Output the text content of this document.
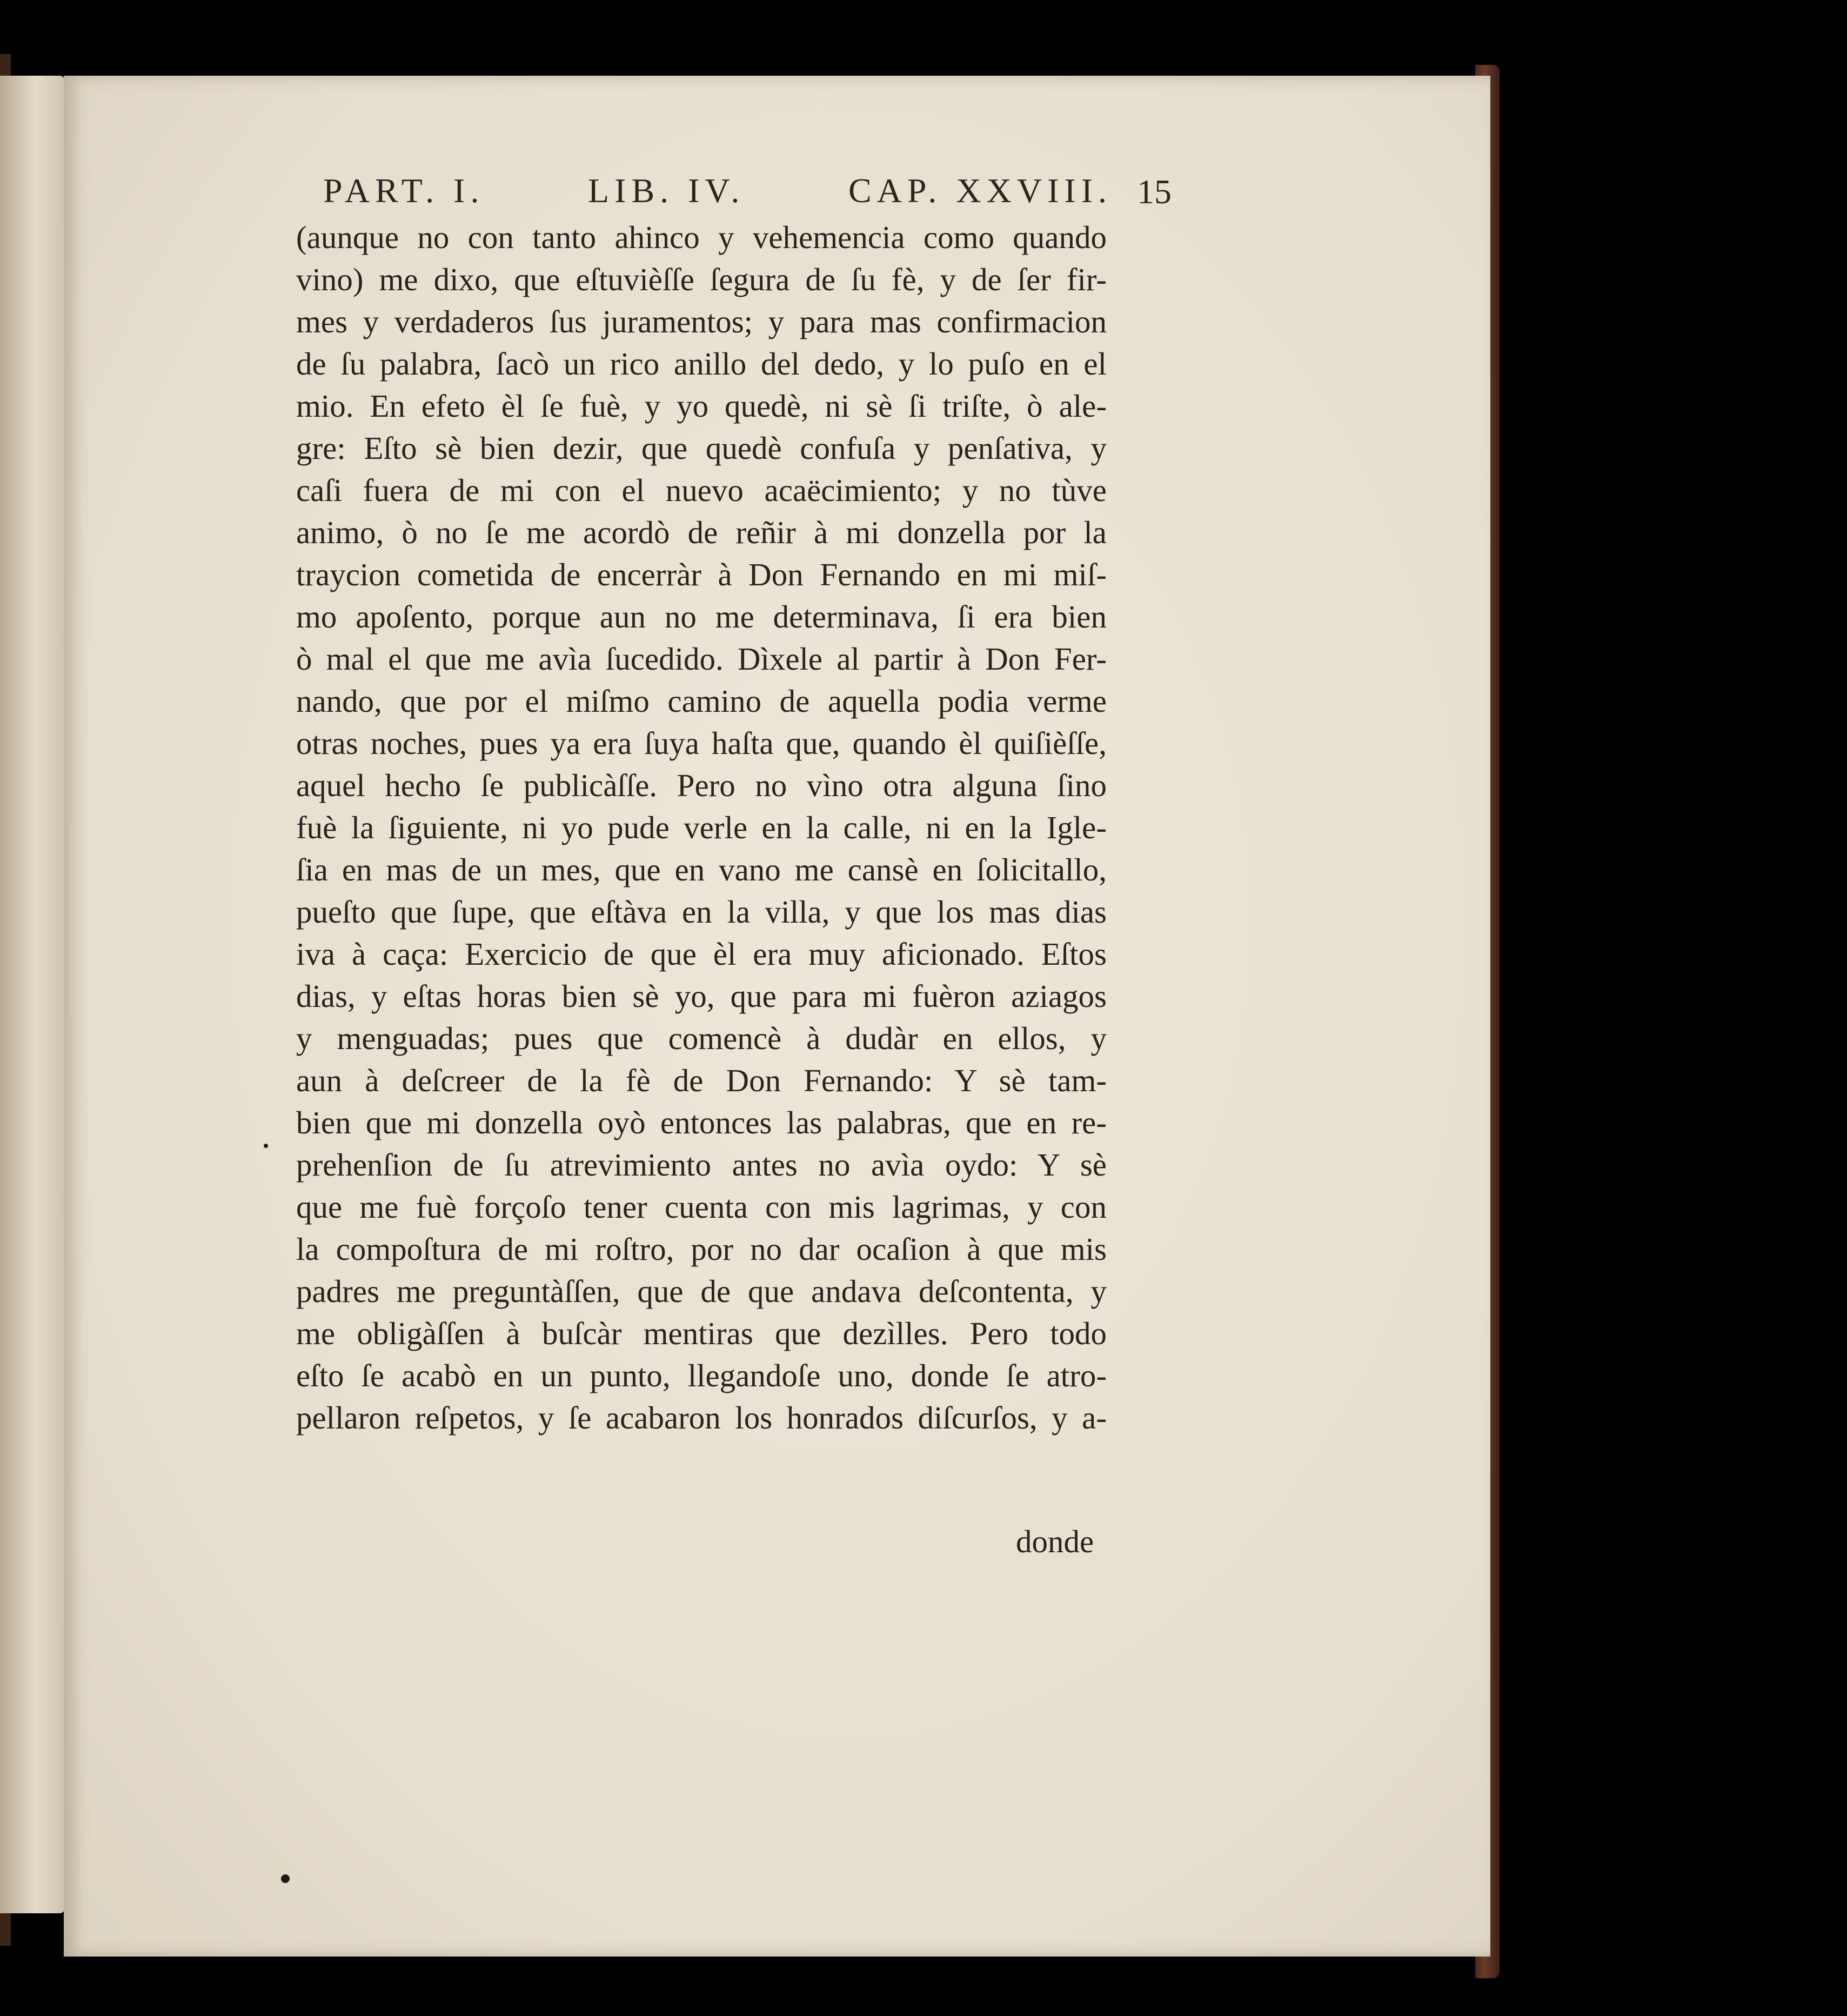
PART. I.	LIB. IV.	CAP. XXVIII. 15
(aunque no con tanto ahinco y vehemencia como quando
vino) me dixo, que eſtuvièſſe ſegura de ſu fè, y de ſer fir-
mes y verdaderos ſus juramentos; y para mas confirmacion
de ſu palabra, ſacò un rico anillo del dedo, y lo puſo en el
mio. En efeto èl ſe fuè, y yo quedè, ni sè ſi triſte, ò ale-
gre: Eſto sè bien dezir, que quedè confuſa y penſativa, y
caſi fuera de mi con el nuevo acaëcimiento; y no tùve
animo, ò no ſe me acordò de reñir à mi donzella por la
traycion cometida de encerràr à Don Fernando en mi miſ-
mo apoſento, porque aun no me determinava, ſi era bien
ò mal el que me avìa ſucedido. Dìxele al partir à Don Fer-
nando, que por el miſmo camino de aquella podia verme
otras noches, pues ya era ſuya haſta que, quando èl quiſièſſe,
aquel hecho ſe publicàſſe. Pero no vìno otra alguna ſino
fuè la ſiguiente, ni yo pude verle en la calle, ni en la Igle-
ſia en mas de un mes, que en vano me cansè en ſolicitallo,
pueſto que ſupe, que eſtàva en la villa, y que los mas dias
iva à caça: Exercicio de que èl era muy aficionado. Eſtos
dias, y eſtas horas bien sè yo, que para mi fuèron aziagos
y menguadas; pues que comencè à dudàr en ellos, y
aun à deſcreer de la fè de Don Fernando: Y sè tam-
bien que mi donzella oyò entonces las palabras, que en re-
prehenſion de ſu atrevimiento antes no avìa oydo: Y sè
que me fuè forçoſo tener cuenta con mis lagrimas, y con
la compoſtura de mi roſtro, por no dar ocaſion à que mis
padres me preguntàſſen, que de que andava deſcontenta, y
me obligàſſen à buſcàr mentiras que dezìlles. Pero todo
eſto ſe acabò en un punto, llegandoſe uno, donde ſe atro-
pellaron reſpetos, y ſe acabaron los honrados diſcurſos, y a-
donde
